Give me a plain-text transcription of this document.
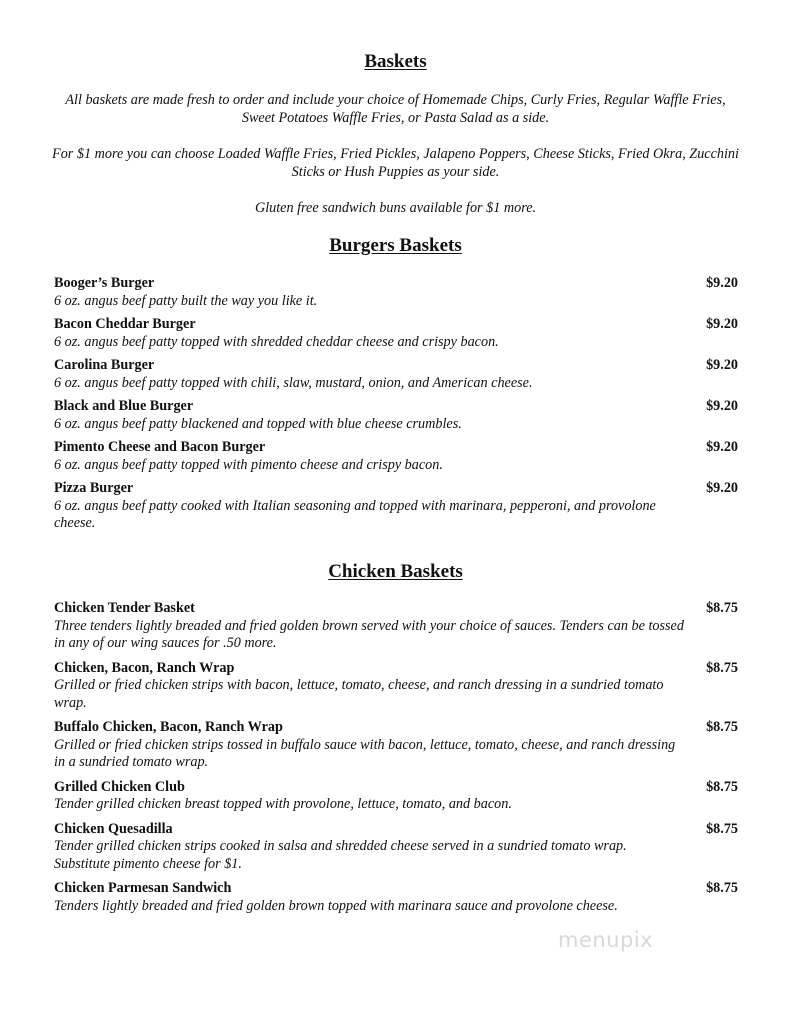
Baskets

All baskets are made fresh to order and include your choice of Homemade Chips, Curly Fries, Regular Waffle Fries, Sweet Potatoes Waffle Fries, or Pasta Salad as a side.

For $1 more you can choose Loaded Waffle Fries, Fried Pickles, Jalapeno Poppers, Cheese Sticks, Fried Okra, Zucchini Sticks or Hush Puppies as your side.

Gluten free sandwich buns available for $1 more.

Burgers Baskets
Booger’s Burger
6 oz. angus beef patty built the way you like it.
$9.20
Bacon Cheddar Burger
6 oz. angus beef patty topped with shredded cheddar cheese and crispy bacon.
$9.20
Carolina Burger
6 oz. angus beef patty topped with chili, slaw, mustard, onion, and American cheese.
$9.20
Black and Blue Burger
6 oz. angus beef patty blackened and topped with blue cheese crumbles.
$9.20
Pimento Cheese and Bacon Burger
6 oz. angus beef patty topped with pimento cheese and crispy bacon.
$9.20
Pizza Burger
6 oz. angus beef patty cooked with Italian seasoning and topped with marinara, pepperoni, and provolone cheese.
$9.20
Chicken Baskets
Chicken Tender Basket
Three tenders lightly breaded and fried golden brown served with your choice of sauces. Tenders can be tossed in any of our wing sauces for .50 more.
$8.75
Chicken, Bacon, Ranch Wrap
Grilled or fried chicken strips with bacon, lettuce, tomato, cheese, and ranch dressing in a sundried tomato wrap.
$8.75
Buffalo Chicken, Bacon, Ranch Wrap
Grilled or fried chicken strips tossed in buffalo sauce with bacon, lettuce, tomato, cheese, and ranch dressing in a sundried tomato wrap.
$8.75
Grilled Chicken Club
Tender grilled chicken breast topped with provolone, lettuce, tomato, and bacon.
$8.75
Chicken Quesadilla
Tender grilled chicken strips cooked in salsa and shredded cheese served in a sundried tomato wrap. Substitute pimento cheese for $1.
$8.75
Chicken Parmesan Sandwich
Tenders lightly breaded and fried golden brown topped with marinara sauce and provolone cheese.
$8.75
menupix
